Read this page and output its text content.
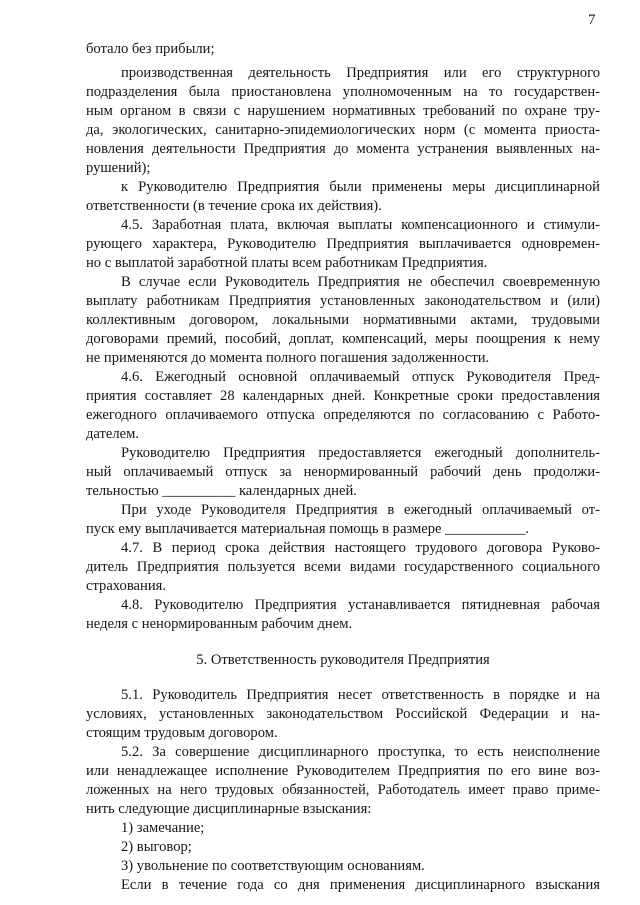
7
ботало без прибыли;
производственная деятельность Предприятия или его структурного
подразделения была приостановлена уполномоченным на то государствен-
ным органом в связи с нарушением нормативных требований по охране тру-
да, экологических, санитарно-эпидемиологических норм (с момента приоста-
новления деятельности Предприятия до момента устранения выявленных на-
рушений);
к Руководителю Предприятия были применены меры дисциплинарной
ответственности (в течение срока их действия).
4.5. Заработная плата, включая выплаты компенсационного и стимули-
рующего характера, Руководителю Предприятия выплачивается одновремен-
но с выплатой заработной платы всем работникам Предприятия.
В случае если Руководитель Предприятия не обеспечил своевременную
выплату работникам Предприятия установленных законодательством и (или)
коллективным договором, локальными нормативными актами, трудовыми
договорами премий, пособий, доплат, компенсаций, меры поощрения к нему
не применяются до момента полного погашения задолженности.
4.6. Ежегодный основной оплачиваемый отпуск Руководителя Пред-
приятия составляет 28 календарных дней. Конкретные сроки предоставления
ежегодного оплачиваемого отпуска определяются по согласованию с Работо-
дателем.
Руководителю Предприятия предоставляется ежегодный дополнитель-
ный оплачиваемый отпуск за ненормированный рабочий день продолжи-
тельностью __________ календарных дней.
При уходе Руководителя Предприятия в ежегодный оплачиваемый от-
пуск ему выплачивается материальная помощь в размере ___________.
4.7. В период срока действия настоящего трудового договора Руково-
дитель Предприятия пользуется всеми видами государственного социального
страхования.
4.8. Руководителю Предприятия устанавливается пятидневная рабочая
неделя с ненормированным рабочим днем.
5. Ответственность руководителя Предприятия
5.1. Руководитель Предприятия несет ответственность в порядке и на
условиях, установленных законодательством Российской Федерации и на-
стоящим трудовым договором.
5.2. За совершение дисциплинарного проступка, то есть неисполнение
или ненадлежащее исполнение Руководителем Предприятия по его вине воз-
ложенных на него трудовых обязанностей, Работодатель имеет право приме-
нить следующие дисциплинарные взыскания:
1) замечание;
2) выговор;
3) увольнение по соответствующим основаниям.
Если в течение года со дня применения дисциплинарного взыскания
